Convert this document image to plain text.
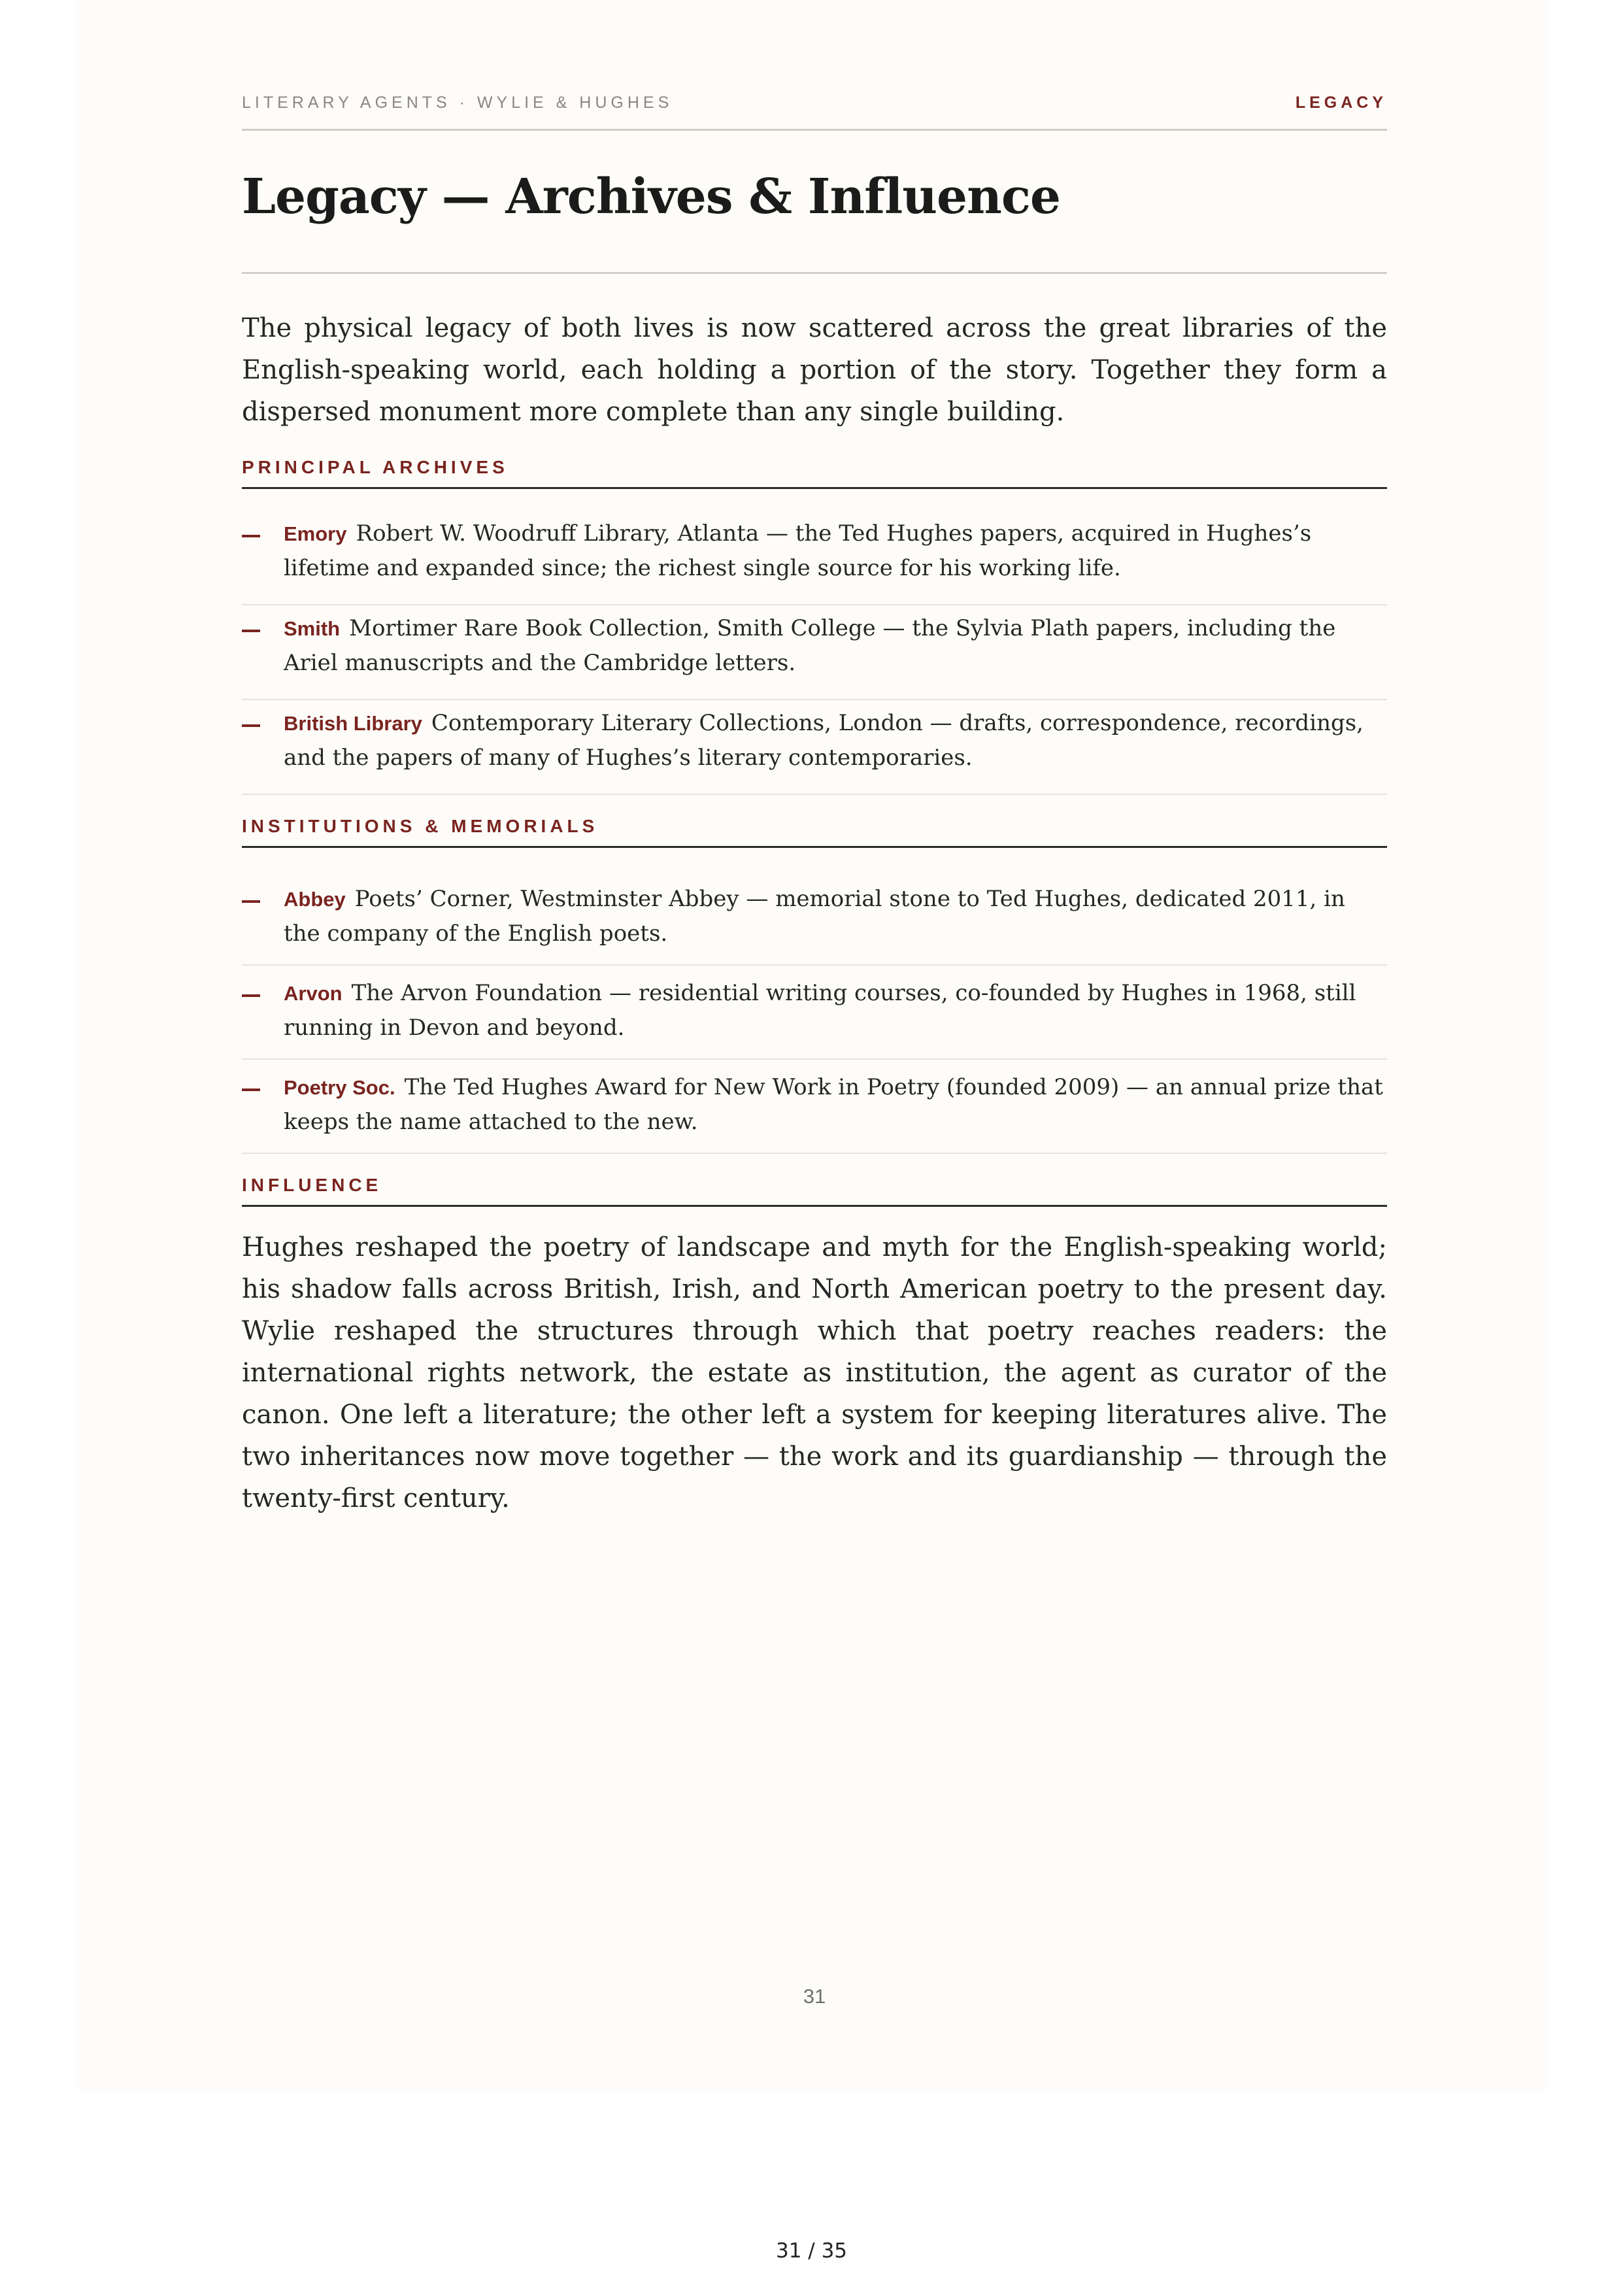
LITERARY AGENTS · WYLIE & HUGHES	LEGACY
Legacy — Archives & Influence

The physical legacy of both lives is now scattered across the great libraries of the English-speaking world, each holding a portion of the story. Together they form a dispersed monument more complete than any single building.

PRINCIPAL ARCHIVES
Emory Robert W. Woodruff Library, Atlanta — the Ted Hughes papers, acquired in Hughes’s lifetime and expanded since; the richest single source for his working life.
Smith Mortimer Rare Book Collection, Smith College — the Sylvia Plath papers, including the Ariel manuscripts and the Cambridge letters.
British Library Contemporary Literary Collections, London — drafts, correspondence, recordings, and the papers of many of Hughes’s literary contemporaries.
INSTITUTIONS & MEMORIALS
Abbey Poets’ Corner, Westminster Abbey — memorial stone to Ted Hughes, dedicated 2011, in the company of the English poets.
Arvon The Arvon Foundation — residential writing courses, co-founded by Hughes in 1968, still running in Devon and beyond.
Poetry Soc. The Ted Hughes Award for New Work in Poetry (founded 2009) — an annual prize that keeps the name attached to the new.
INFLUENCE

Hughes reshaped the poetry of landscape and myth for the English-speaking world; his shadow falls across British, Irish, and North American poetry to the present day. Wylie reshaped the structures through which that poetry reaches readers: the international rights network, the estate as institution, the agent as curator of the canon. One left a literature; the other left a system for keeping literatures alive. The two inheritances now move together — the work and its guardianship — through the twenty-first century.

31
31 / 35
